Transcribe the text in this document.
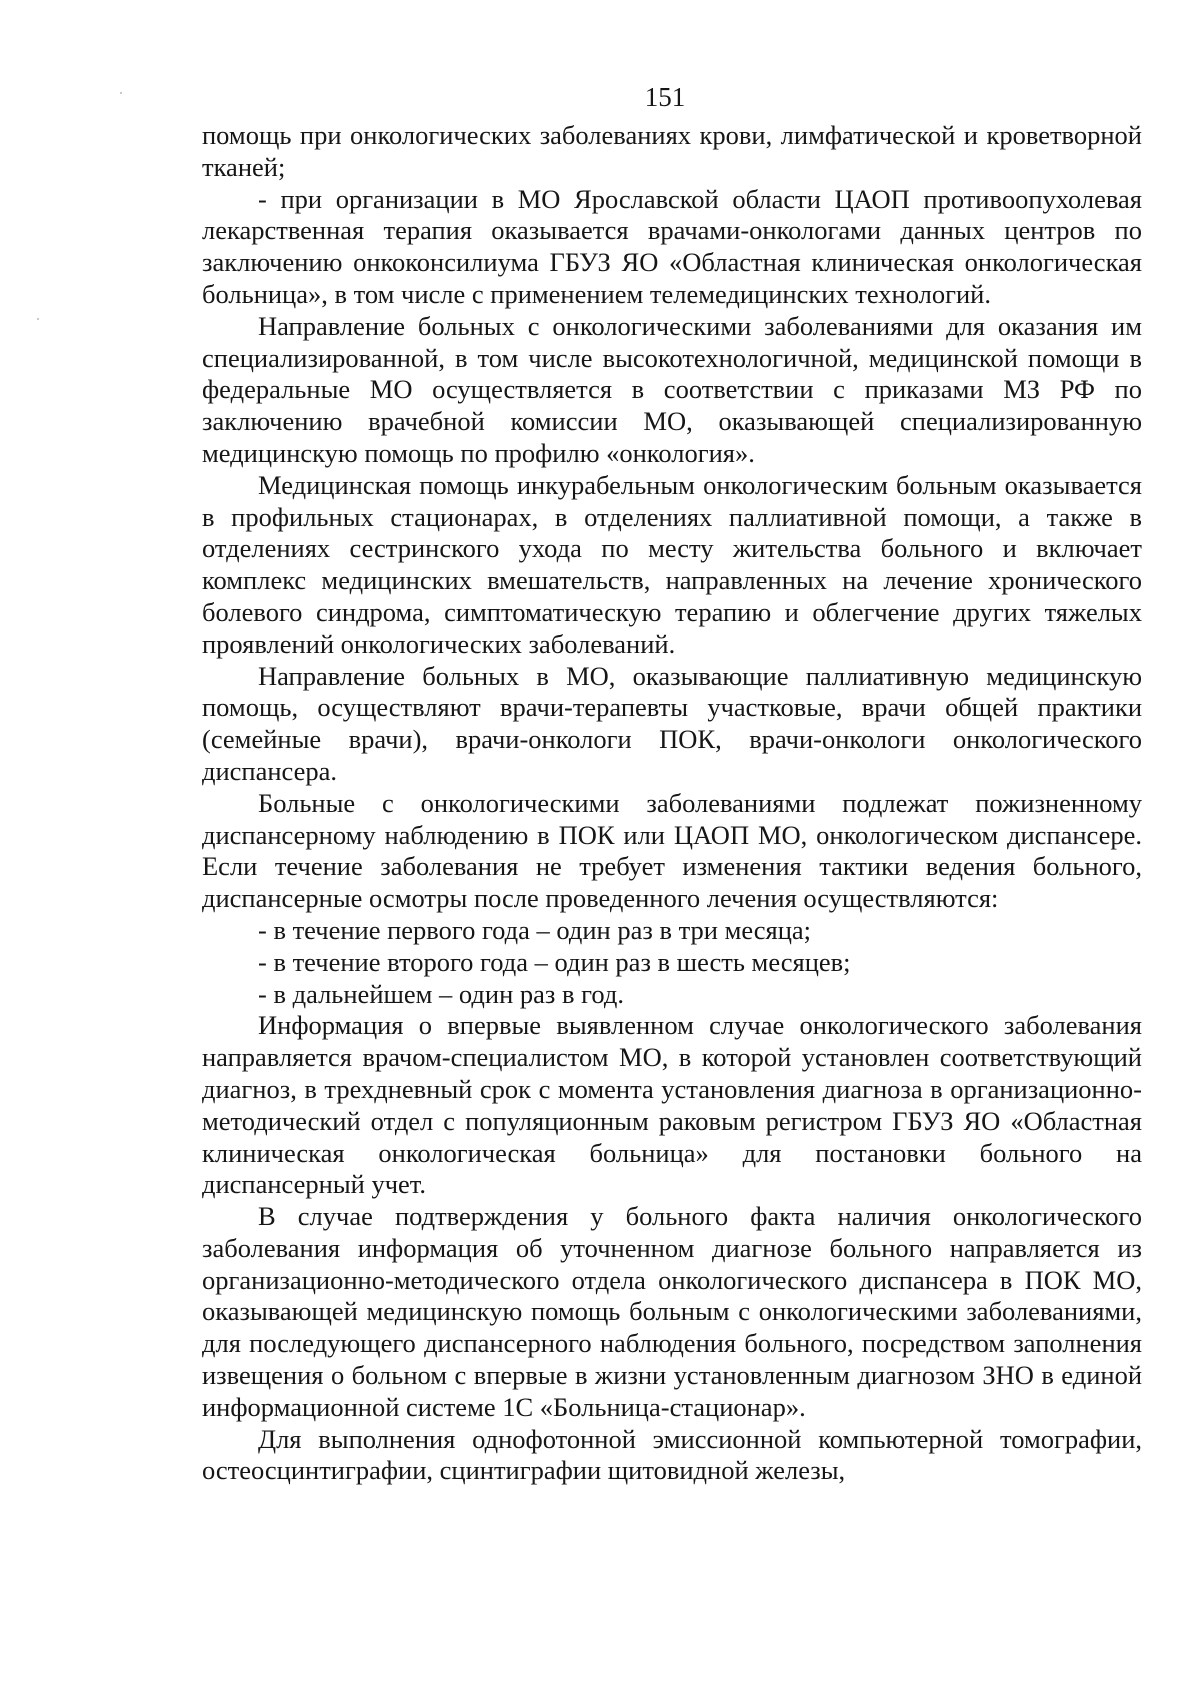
151

помощь при онкологических заболеваниях крови, лимфатической и кроветворной тканей;

- при организации в МО Ярославской области ЦАОП противоопухолевая лекарственная терапия оказывается врачами-онкологами данных центров по заключению онкоконсилиума ГБУЗ ЯО «Областная клиническая онкологическая больница», в том числе с применением телемедицинских технологий.

Направление больных с онкологическими заболеваниями для оказания им специализированной, в том числе высокотехнологичной, медицинской помощи в федеральные МО осуществляется в соответствии с приказами МЗ РФ по заключению врачебной комиссии МО, оказывающей специализированную медицинскую помощь по профилю «онкология».

Медицинская помощь инкурабельным онкологическим больным оказывается в профильных стационарах, в отделениях паллиативной помощи, а также в отделениях сестринского ухода по месту жительства больного и включает комплекс медицинских вмешательств, направленных на лечение хронического болевого синдрома, симптоматическую терапию и облегчение других тяжелых проявлений онкологических заболеваний.

Направление больных в МО, оказывающие паллиативную медицинскую помощь, осуществляют врачи-терапевты участковые, врачи общей практики (семейные врачи), врачи-онкологи ПОК, врачи-онкологи онкологического диспансера.

Больные с онкологическими заболеваниями подлежат пожизненному диспансерному наблюдению в ПОК или ЦАОП МО, онкологическом диспансере. Если течение заболевания не требует изменения тактики ведения больного, диспансерные осмотры после проведенного лечения осуществляются:

- в течение первого года – один раз в три месяца;

- в течение второго года – один раз в шесть месяцев;

- в дальнейшем – один раз в год.

Информация о впервые выявленном случае онкологического заболевания направляется врачом-специалистом МО, в которой установлен соответствующий диагноз, в трехдневный срок с момента установления диагноза в организационно-методический отдел с популяционным раковым регистром ГБУЗ ЯО «Областная клиническая онкологическая больница» для постановки больного на диспансерный учет.

В случае подтверждения у больного факта наличия онкологического заболевания информация об уточненном диагнозе больного направляется из организационно-методического отдела онкологического диспансера в ПОК МО, оказывающей медицинскую помощь больным с онкологическими заболеваниями, для последующего диспансерного наблюдения больного, посредством заполнения извещения о больном с впервые в жизни установленным диагнозом ЗНО в единой информационной системе 1С «Больница-стационар».

Для выполнения однофотонной эмиссионной компьютерной томографии, остеосцинтиграфии, сцинтиграфии щитовидной железы,
